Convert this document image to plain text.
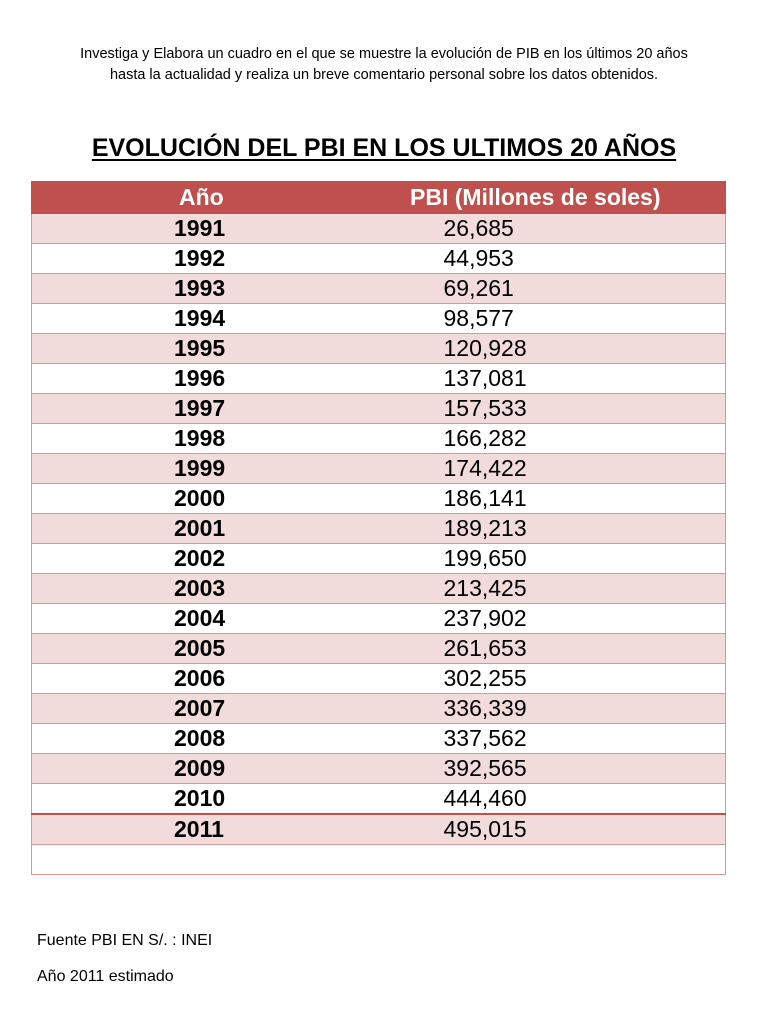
Investiga y Elabora un cuadro en el que se muestre la evolución de PIB en los últimos 20 años

hasta la actualidad y realiza un breve comentario personal sobre los datos obtenidos.

EVOLUCIÓN DEL PBI EN LOS ULTIMOS 20 AÑOS
Año	PBI (Millones de soles)
1991	26,685
1992	44,953
1993	69,261
1994	98,577
1995	120,928
1996	137,081
1997	157,533
1998	166,282
1999	174,422
2000	186,141
2001	189,213
2002	199,650
2003	213,425
2004	237,902
2005	261,653
2006	302,255
2007	336,339
2008	337,562
2009	392,565
2010	444,460
2011	495,015

Fuente PBI EN S/. : INEI
Año 2011 estimado
